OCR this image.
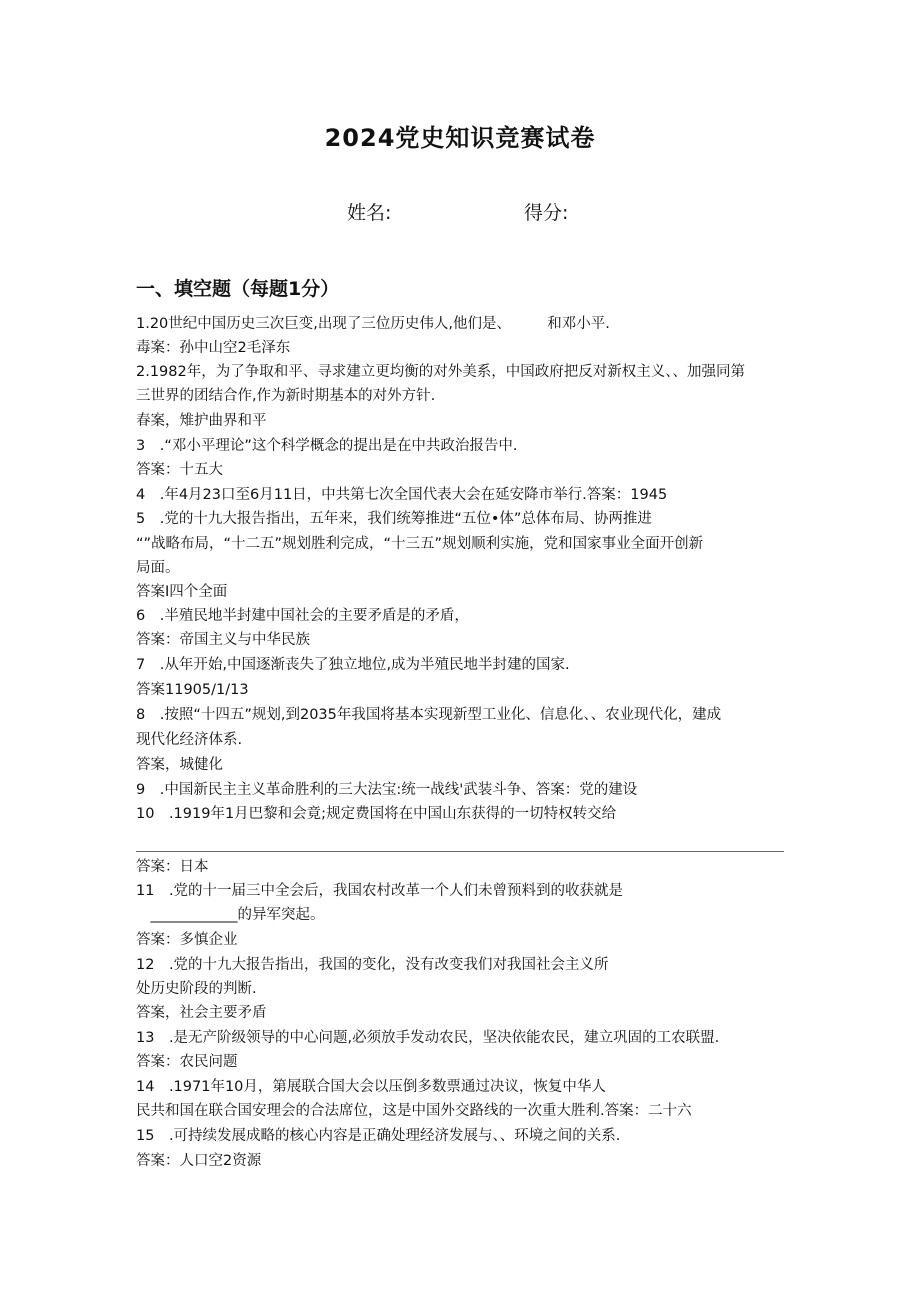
2024党史知识竞赛试卷
姓名:	得分:
一、填空题（每题1分）
1.20世纪中国历史三次巨变,出现了三位历史伟人,他们是、　　　和邓小平.
毒案：孙中山空2毛泽东
2.1982年，为了争取和平、寻求建立更均衡的对外美系，中国政府把反对新权主义、、加强同第
三世界的团结合作,作为新时期基本的对外方针.
春案，雉护曲界和平
3　.“邓小平理论”这个科学概念的提出是在中共政治报告中.
答案：十五大
4　.年4月23口至6月11日，中共第七次全国代表大会在延安降市举行.答案：1945
5　.党的十九大报告指出，五年来，我们统筹推进“五位•体”总体布局、协两推进
“”战略布局，“十二五”规划胜利完成，“十三五”规划顺利实施，党和国家事业全面开创新
局面。
答案I四个全面
6　.半殖民地半封建中国社会的主要矛盾是的矛盾，
答案：帝国主义与中华民族
7　.从年开始,中国逐渐丧失了独立地位,成为半殖民地半封建的国家.
答案11905/1/13
8　.按照“十四五”规划,到2035年我国将基本实现新型工业化、信息化、、农业现代化，建成
现代化经济体系.
答案，城健化
9　.中国新民主主义革命胜利的三大法宝:统一战线'武装斗争、答案：党的建设
10　.1919年1月巴黎和会竟;规定费国将在中国山东获得的一切特权转交给
答案：日本
11　.党的十一届三中全会后，我国农村改革一个人们未曾预料到的收获就是
　____________的异军突起。
答案：多慎企业
12　.党的十九大报告指出，我国的变化，没有改变我们对我国社会主义所
处历史阶段的判断.
答案，社会主要矛盾
13　.是无产阶级领导的中心问题,必须放手发动农民，坚决依能农民，建立巩固的工农联盟.
答案：农民问题
14　.1971年10月，第展联合国大会以压倒多数票通过决议，恢复中华人
民共和国在联合国安理会的合法席位，这是中国外交路线的一次重大胜利.答案：二十六
15　.可持续发展成略的核心内容是正确处理经济发展与、、环境之间的关系.
答案：人口空2资源
